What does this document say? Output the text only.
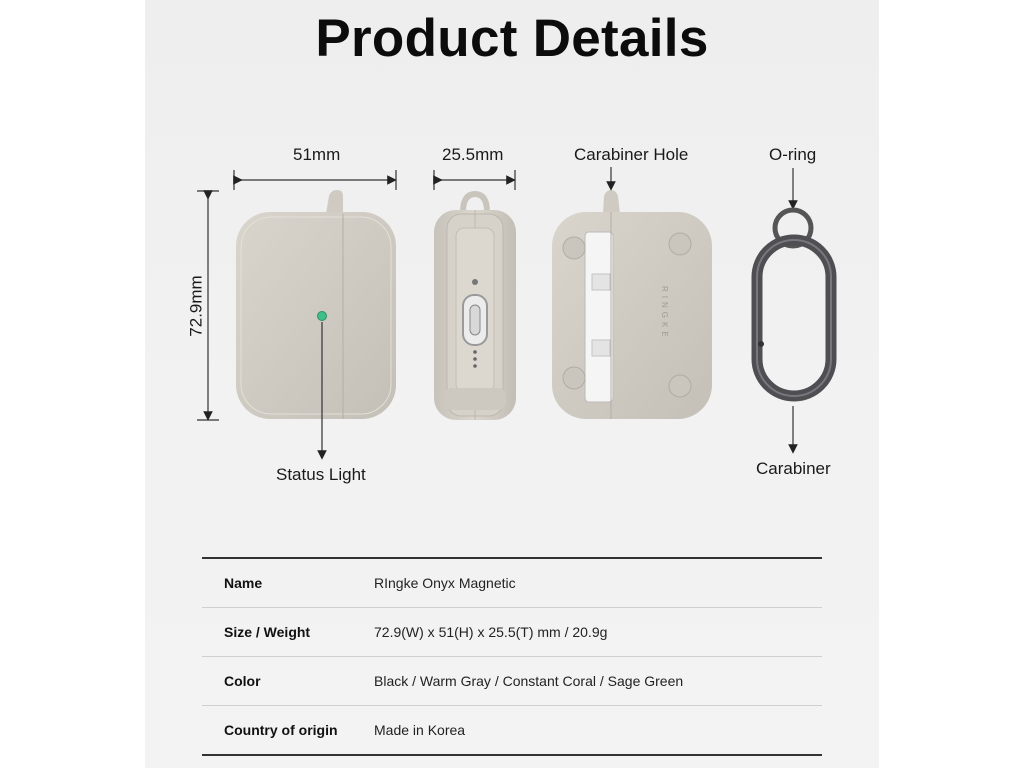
Product Details
RINGKE
51mm	25.5mm
72.9mm
Status Light
Carabiner Hole	O-ring
Carabiner
Name	RIngke Onyx Magnetic
Size / Weight	72.9(W) x 51(H) x 25.5(T) mm / 20.9g
Color	Black / Warm Gray / Constant Coral / Sage Green
Country of origin	Made in Korea
